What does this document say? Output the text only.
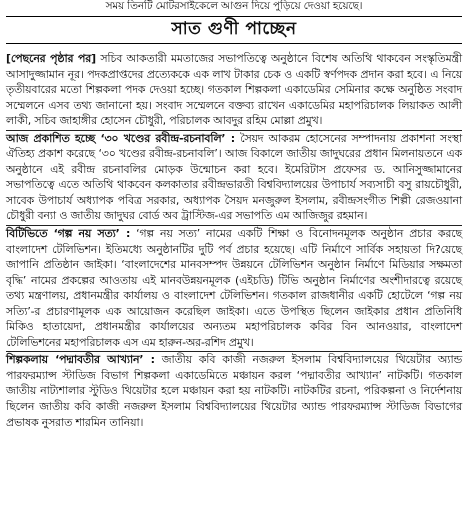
সময় তিনটি মোটরসাইকেলে আগুন দিয়ে পুড়িয়ে দেওয়া হয়েছে।
সাত গুণী পাচ্ছেন

[পেছনের পৃষ্ঠার পর] সচিব আকতারী মমতাজের সভাপতিত্বে অনুষ্ঠানে বিশেষ অতিথি থাকবেন সংস্কৃতিমন্ত্রী আসাদুজ্জামান নূর। পদকপ্রাপ্তদের প্রত্যেককে এক লাখ টাকার চেক ও একটি স্বর্ণপদক প্রদান করা হবে। এ নিয়ে তৃতীয়বারের মতো শিল্পকলা পদক দেওয়া হচ্ছে। গতকাল শিল্পকলা একাডেমির সেমিনার কক্ষে অনুষ্ঠিত সংবাদ সম্মেলনে এসব তথ্য জানানো হয়। সংবাদ সম্মেলনে বক্তব্য রাখেন একাডেমির মহাপরিচালক লিয়াকত আলী লাকী, সচিব জাহাঙ্গীর হোসেন চৌধুরী, পরিচালক আবদুর রহিম মোল্লা প্রমুখ।

আজ প্রকাশিত হচ্ছে ‘৩০ খণ্ডের রবীন্দ্র-রচনাবলি’ : সৈয়দ আকরম হোসেনের সম্পাদনায় প্রকাশনা সংস্থা ঐতিহ্য প্রকাশ করেছে ‘৩০ খণ্ডের রবীন্দ্র-রচনাবলি’। আজ বিকালে জাতীয় জাদুঘরের প্রধান মিলনায়তনে এক অনুষ্ঠানে এই রবীন্দ্র রচনাবলির মোড়ক উন্মোচন করা হবে। ইমেরিটাস প্রফেসর ড. আনিসুজ্জামানের সভাপতিত্বে এতে অতিথি থাকবেন কলকাতার রবীন্দ্রভারতী বিশ্ববিদ্যালয়ের উপাচার্য সব্যসাচী বসু রায়চৌধুরী, সাবেক উপাচার্য অধ্যাপক পবিত্র সরকার, অধ্যাপক সৈয়দ মনজুরুল ইসলাম, রবীন্দ্রসংগীত শিল্পী রেজওয়ানা চৌধুরী বন্যা ও জাতীয় জাদুঘর বোর্ড অব ট্রাস্টিজ-এর সভাপতি এম আজিজুর রহমান।

বিটিভিতে ‘গল্প নয় সত্য’ : ‘গল্প নয় সত্য’ নামের একটি শিক্ষা ও বিনোদনমূলক অনুষ্ঠান প্রচার করছে বাংলাদেশ টেলিভিশন। ইতিমধ্যে অনুষ্ঠানটির দুটি পর্ব প্রচার হয়েছে। এটি নির্মাণে সার্বিক সহায়তা দি?য়েছে জাপানি প্রতিষ্ঠান জাইকা। ‘বাংলাদেশের মানবসম্পদ উন্নয়নে টেলিভিশন অনুষ্ঠান নির্মাণে মিডিয়ার সক্ষমতা বৃদ্ধি’ নামের প্রকল্পের আওতায় এই মানবউন্নয়নমূলক (এইচডি) টিভি অনুষ্ঠান নির্মাণের অংশীদারত্বে রয়েছে তথ্য মন্ত্রণালয়, প্রধানমন্ত্রীর কার্যালয় ও বাংলাদেশ টেলিভিশন। গতকাল রাজধানীর একটি হোটেলে ‘গল্প নয় সত্যি’-র প্রচারণামূলক এক আয়োজন করেছিল জাইকা। এতে উপস্থিত ছিলেন জাইকার প্রধান প্রতিনিধি মিকিও হাতায়েদা, প্রধানমন্ত্রীর কার্যালয়ের অন্যতম মহাপরিচালক কবির বিন আনওয়ার, বাংলাদেশ টেলিভিশনের মহাপরিচালক এস এম হারুন-অর-রশিদ প্রমুখ।

শিল্পকলায় ‘পদ্মাবতীর আখ্যান’ : জাতীয় কবি কাজী নজরুল ইসলাম বিশ্ববিদ্যালয়ের থিয়েটার অ্যান্ড পারফরম্যান্স স্টাডিজ বিভাগ শিল্পকলা একাডেমিতে মঞ্চায়ন করল ‘পদ্মাবতীর আখ্যান’ নাটকটি। গতকাল জাতীয় নাট্যশালার স্টুডিও থিয়েটার হলে মঞ্চায়ন করা হয় নাটকটি। নাটকটির রচনা, পরিকল্পনা ও নির্দেশনায় ছিলেন জাতীয় কবি কাজী নজরুল ইসলাম বিশ্ববিদ্যালয়ের থিয়েটার অ্যান্ড পারফরম্যান্স স্টাডিজ বিভাগের প্রভাষক নুসরাত শারমিন তানিয়া।
